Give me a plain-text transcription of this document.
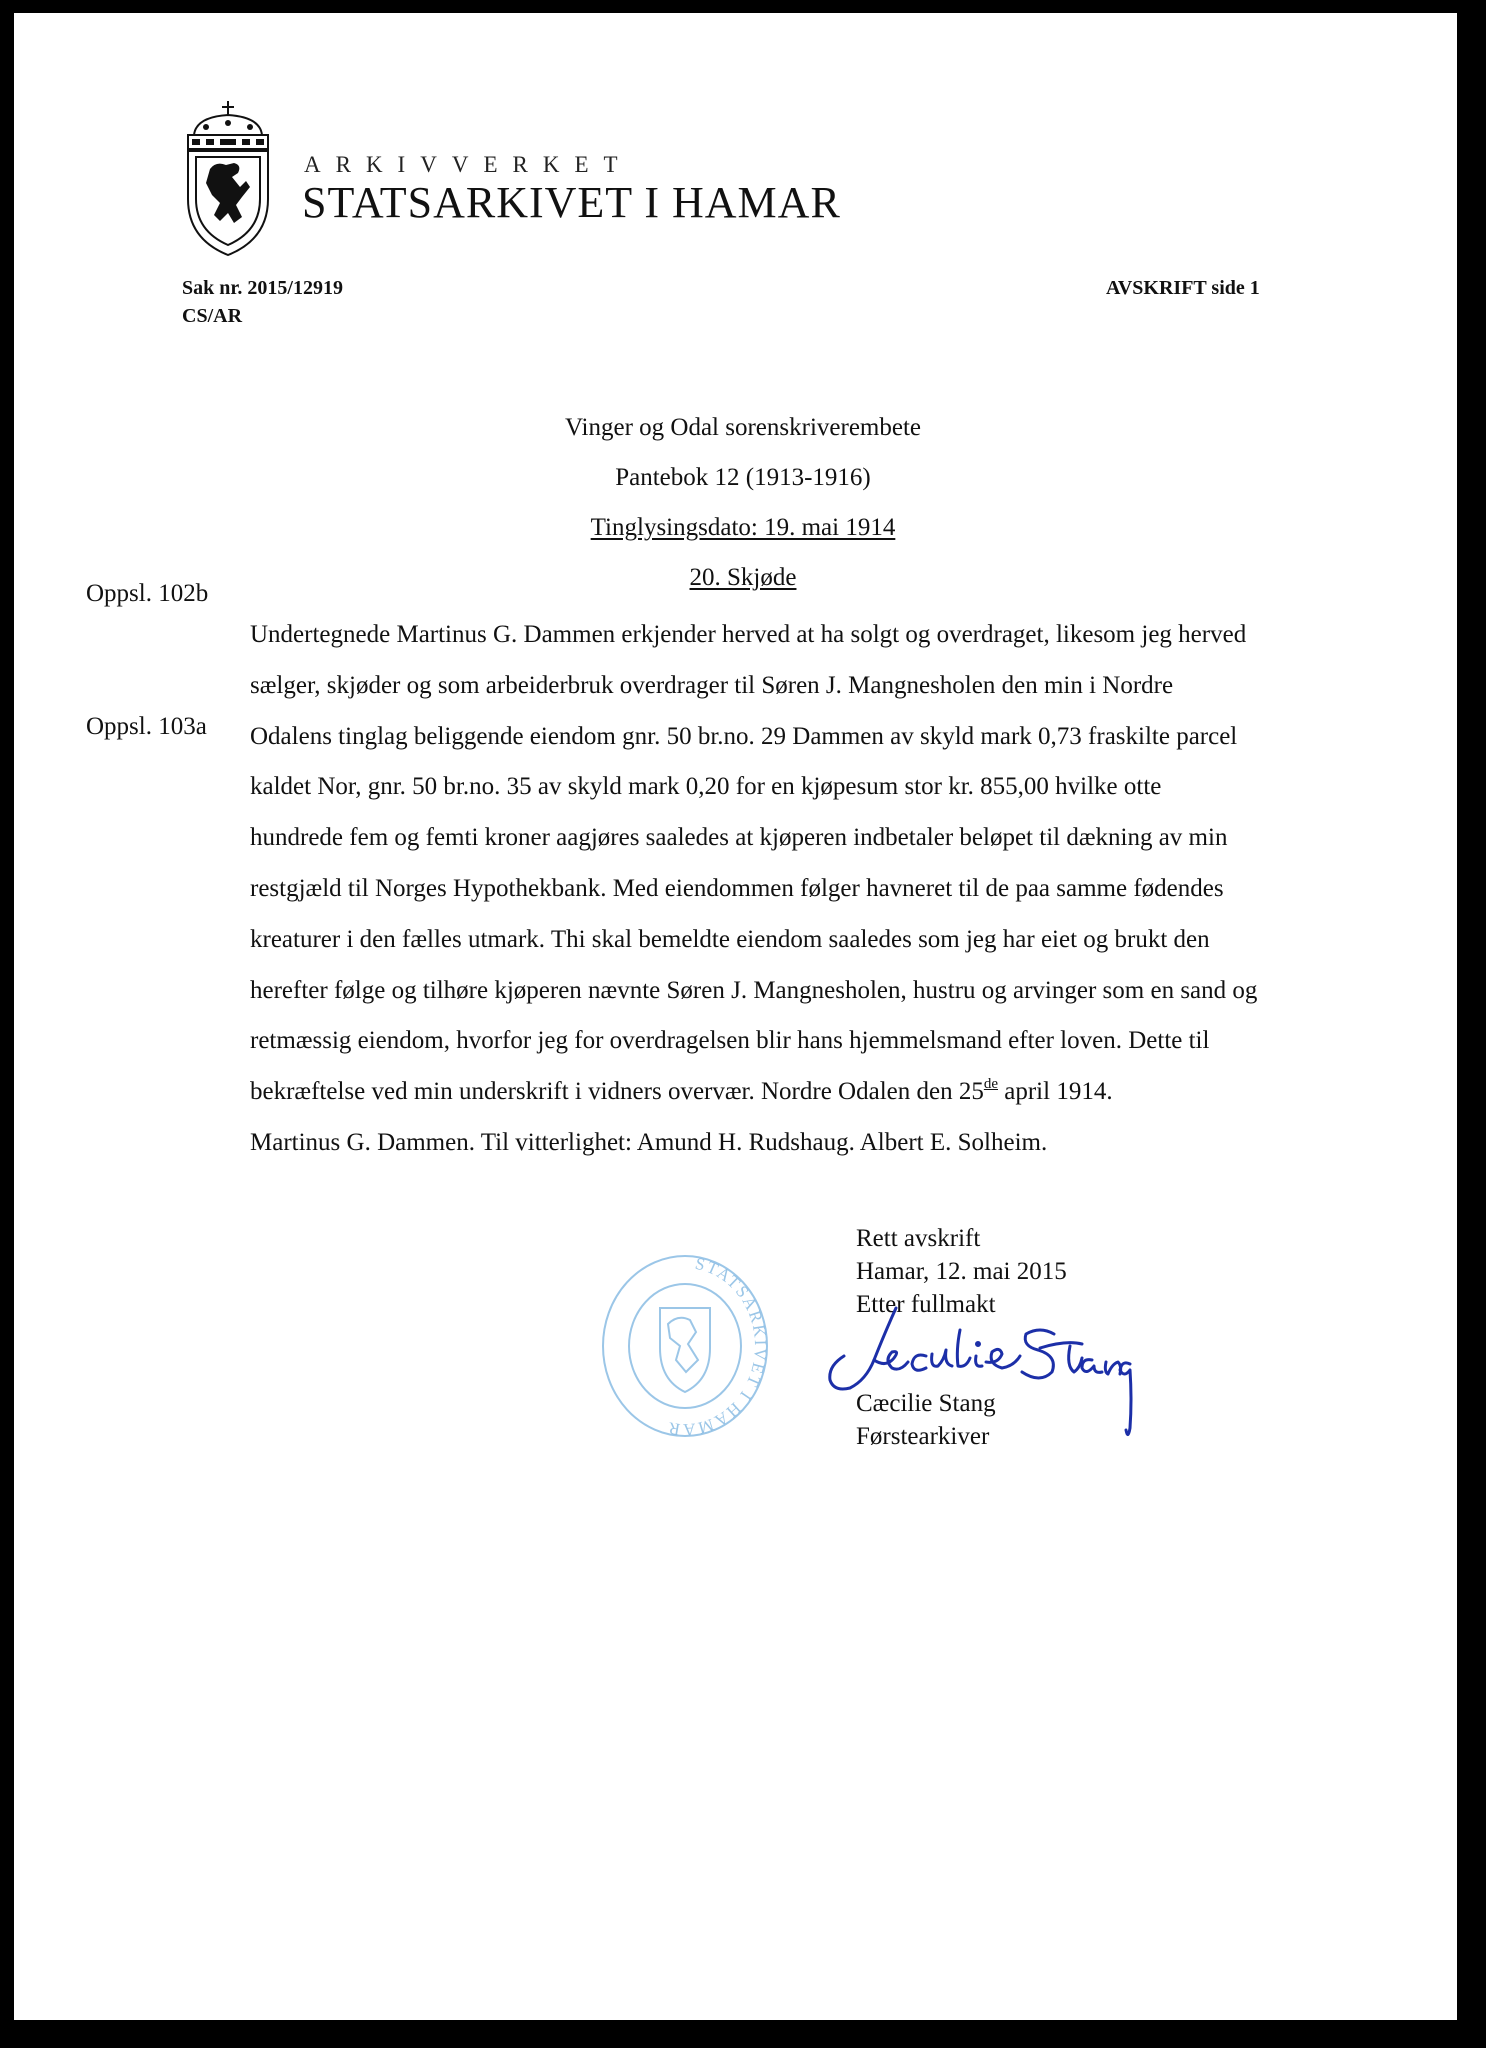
ARKIVVERKET
STATSARKIVET I HAMAR
Sak nr. 2015/12919
CS/AR
AVSKRIFT side 1
Vinger og Odal sorenskriverembete
Pantebok 12 (1913-1916)
Tinglysingsdato: 19. mai 1914
20. Skjøde
Oppsl. 102b
Oppsl. 103a
Undertegnede Martinus G. Dammen erkjender herved at ha solgt og overdraget, likesom jeg herved
sælger, skjøder og som arbeiderbruk overdrager til Søren J. Mangnesholen den min i Nordre
Odalens tinglag beliggende eiendom gnr. 50 br.no. 29 Dammen av skyld mark 0,73 fraskilte parcel
kaldet Nor, gnr. 50 br.no. 35 av skyld mark 0,20 for en kjøpesum stor kr. 855,00 hvilke otte
hundrede fem og femti kroner aagjøres saaledes at kjøperen indbetaler beløpet til dækning av min
restgjæld til Norges Hypothekbank. Med eiendommen følger havneret til de paa samme fødendes
kreaturer i den fælles utmark. Thi skal bemeldte eiendom saaledes som jeg har eiet og brukt den
herefter følge og tilhøre kjøperen nævnte Søren J. Mangnesholen, hustru og arvinger som en sand og
retmæssig eiendom, hvorfor jeg for overdragelsen blir hans hjemmelsmand efter loven. Dette til
bekræftelse ved min underskrift i vidners overvær. Nordre Odalen den 25de april 1914.
Martinus G. Dammen. Til vitterlighet: Amund H. Rudshaug. Albert E. Solheim.
STATSARKIVET I HAMAR
Rett avskrift
Hamar, 12. mai 2015
Etter fullmakt
Cæcilie Stang
Førstearkiver
